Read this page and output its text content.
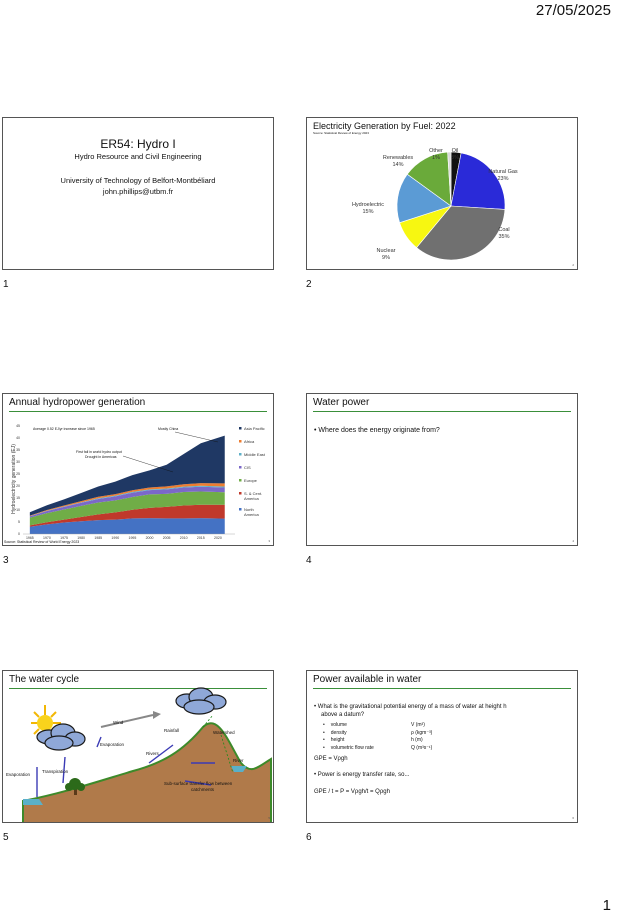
27/05/2025
ER54: Hydro I
Hydro Resource and Civil Engineering
University of Technology of Belfort-Montbéliard
john.phillips@utbm.fr
1
Electricity Generation by Fuel: 2022
Source: Statistical Review of Energy 2023
Other
1%
Oil
3%
Renewables
14%
Natural Gas
23%
Hydroelectric
15%
Coal
35%
Nuclear
9%
2
2
Annual hydropower generation
0
5
10
15
20
25
30
35
40
45
1965	1970	1975	1980	1985	1990	1995	2000	2005	2010	2015	2020
Hydroelectricity generation (EJ)
Average 0.52 EJ/yr increase since 1965	Mostly China
First fall in world hydro output
Drought in Americas
Asia Pacific
Africa
Middle East
CIS
Europe
S. & Cent.
America
North
America
Source: Statistical Review of World Energy 2023	3
3
Water power
• Where does the energy originate from?
4
4
The water cycle
Wind
Evaporation
Rivers
Rainfall	Watershed
River
Evaporation
Transpiration
Sub-surface transfer flow between
catchments
5
5
Power available in water
• What is the gravitational potential energy of a mass of water at height h
above a datum?
• volume	V (m³)
• density	ρ (kgm⁻³)
• height	h (m)
• volumetric flow rate	Q (m³s⁻¹)
GPE = Vρgh
• Power is energy transfer rate, so...
GPE / t = P = Vρgh/t = Qρgh
6
6
1
